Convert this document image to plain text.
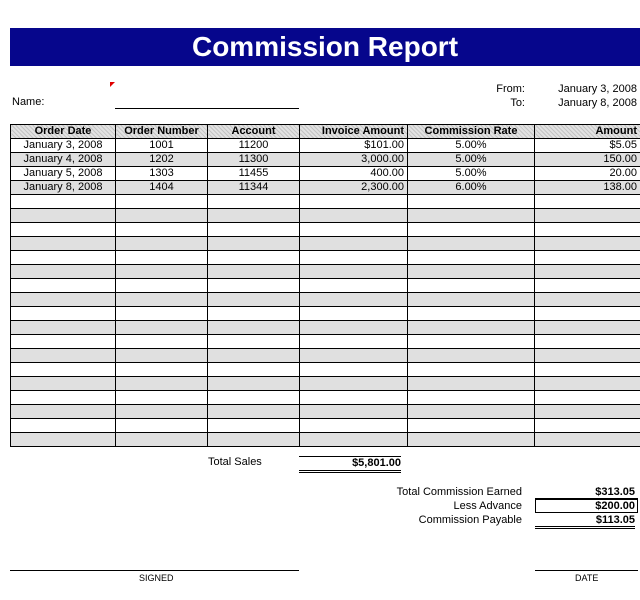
Commission Report
Name:
From:	January 3, 2008
To:	January 8, 2008
Order Date	Order Number	Account	Invoice Amount	Commission Rate	Amount
January 3, 2008	1001	11200	$101.00	5.00%	$5.05
January 4, 2008	1202	11300	3,000.00	5.00%	150.00
January 5, 2008	1303	11455	400.00	5.00%	20.00
January 8, 2008	1404	11344	2,300.00	6.00%	138.00

Total Sales	$5,801.00
Total Commission Earned	$313.05
Less Advance	$200.00
Commission Payable	$113.05
SIGNED	DATE
